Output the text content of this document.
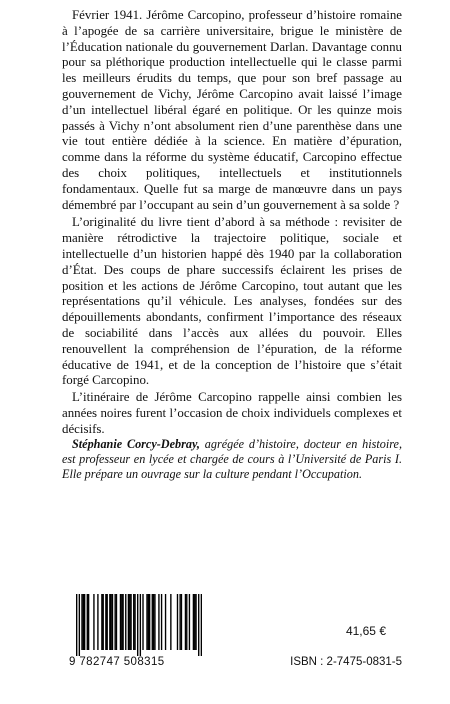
Février 1941. Jérôme Carcopino, professeur d’histoire romaine à l’apogée de sa carrière universitaire, brigue le ministère de l’Éducation nationale du gouvernement Darlan. Davantage connu pour sa pléthorique production intellectuelle qui le classe parmi les meilleurs érudits du temps, que pour son bref passage au gouvernement de Vichy, Jérôme Carcopino avait laissé l’image d’un intellectuel libéral égaré en politique. Or les quinze mois passés à Vichy n’ont absolument rien d’une parenthèse dans une vie tout entière dédiée à la science. En matière d’épuration, comme dans la réforme du système éducatif, Carcopino effectue des choix politiques, intellectuels et institutionnels fondamentaux. Quelle fut sa marge de manœuvre dans un pays démembré par l’occupant au sein d’un gouvernement à sa solde ?

L’originalité du livre tient d’abord à sa méthode : revisiter de manière rétrodictive la trajectoire politique, sociale et intellectuelle d’un historien happé dès 1940 par la collaboration d’État. Des coups de phare successifs éclairent les prises de position et les actions de Jérôme Carcopino, tout autant que les représentations qu’il véhicule. Les analyses, fondées sur des dépouillements abondants, confirment l’importance des réseaux de sociabilité dans l’accès aux allées du pouvoir. Elles renouvellent la compréhension de l’épuration, de la réforme éducative de 1941, et de la conception de l’histoire que s’était forgé Carcopino.

L’itinéraire de Jérôme Carcopino rappelle ainsi combien les années noires furent l’occasion de choix individuels complexes et décisifs.

Stéphanie Corcy-Debray, agrégée d’histoire, docteur en histoire, est professeur en lycée et chargée de cours à l’Université de Paris I. Elle prépare un ouvrage sur la culture pendant l’Occupation.
9 782747 508315
41,65 €
ISBN : 2-7475-0831-5
